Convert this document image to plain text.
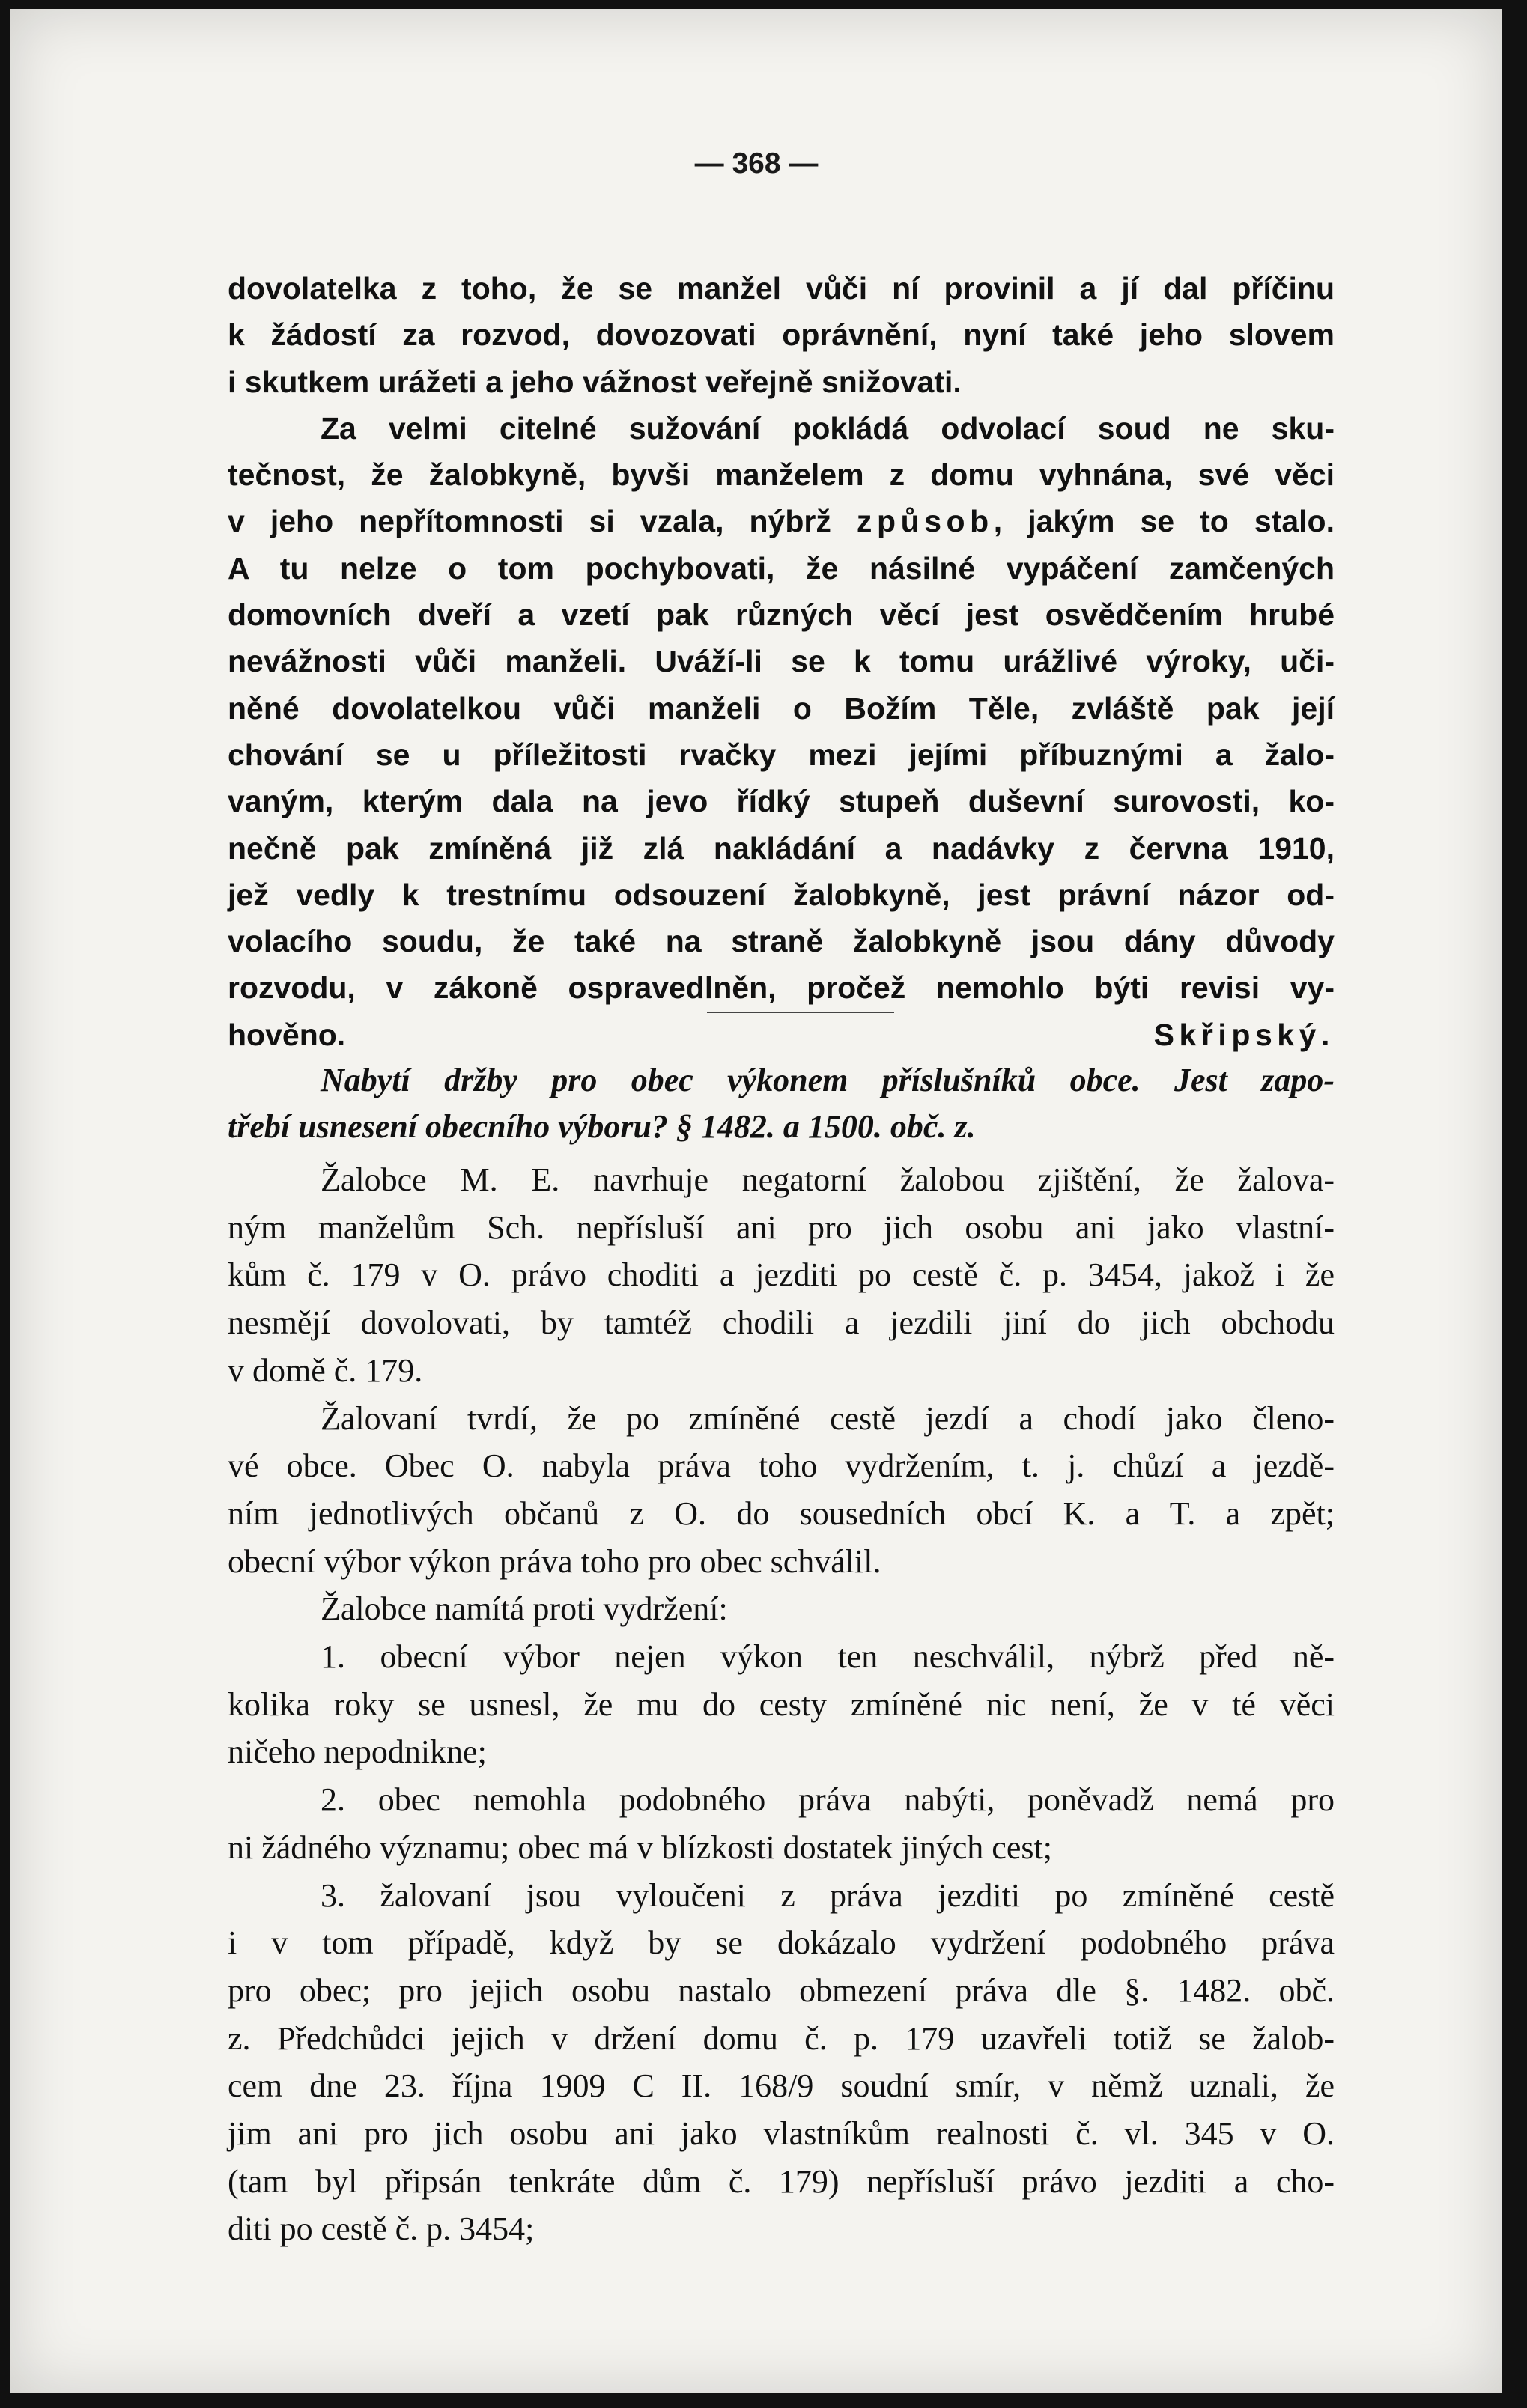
— 368 —
dovolatelka z toho, že se manžel vůči ní provinil a jí dal příčinu
k žádostí za rozvod, dovozovati oprávnění, nyní také jeho slovem
i skutkem urážeti a jeho vážnost veřejně snižovati.
Za velmi citelné sužování pokládá odvolací soud ne sku-
tečnost, že žalobkyně, byvši manželem z domu vyhnána, své věci
v jeho nepřítomnosti si vzala, nýbrž způsob, jakým se to stalo.
A tu nelze o tom pochybovati, že násilné vypáčení zamčených
domovních dveří a vzetí pak různých věcí jest osvědčením hrubé
nevážnosti vůči manželi. Uváží-li se k tomu urážlivé výroky, uči-
něné dovolatelkou vůči manželi o Božím Těle, zvláště pak její
chování se u příležitosti rvačky mezi jejími příbuznými a žalo-
vaným, kterým dala na jevo řídký stupeň duševní surovosti, ko-
nečně pak zmíněná již zlá nakládání a nadávky z června 1910,
jež vedly k trestnímu odsouzení žalobkyně, jest právní názor od-
volacího soudu, že také na straně žalobkyně jsou dány důvody
rozvodu, v zákoně ospravedlněn, pročež nemohlo býti revisi vy-
hověno.	Skřipský.
Nabytí držby pro obec výkonem příslušníků obce. Jest zapo-
třebí usnesení obecního výboru? § 1482. a 1500. obč. z.
Žalobce M. E. navrhuje negatorní žalobou zjištění, že žalova-
ným manželům Sch. nepřísluší ani pro jich osobu ani jako vlastní-
kům č. 179 v O. právo choditi a jezditi po cestě č. p. 3454, jakož i že
nesmějí dovolovati, by tamtéž chodili a jezdili jiní do jich obchodu
v domě č. 179.
Žalovaní tvrdí, že po zmíněné cestě jezdí a chodí jako členo-
vé obce. Obec O. nabyla práva toho vydržením, t. j. chůzí a jezdě-
ním jednotlivých občanů z O. do sousedních obcí K. a T. a zpět;
obecní výbor výkon práva toho pro obec schválil.
Žalobce namítá proti vydržení:
1. obecní výbor nejen výkon ten neschválil, nýbrž před ně-
kolika roky se usnesl, že mu do cesty zmíněné nic není, že v té věci
ničeho nepodnikne;
2. obec nemohla podobného práva nabýti, poněvadž nemá pro
ni žádného významu; obec má v blízkosti dostatek jiných cest;
3. žalovaní jsou vyloučeni z práva jezditi po zmíněné cestě
i v tom případě, když by se dokázalo vydržení podobného práva
pro obec; pro jejich osobu nastalo obmezení práva dle §. 1482. obč.
z. Předchůdci jejich v držení domu č. p. 179 uzavřeli totiž se žalob-
cem dne 23. října 1909 C II. 168/9 soudní smír, v němž uznali, že
jim ani pro jich osobu ani jako vlastníkům realnosti č. vl. 345 v O.
(tam byl připsán tenkráte dům č. 179) nepřísluší právo jezditi a cho-
diti po cestě č. p. 3454;
